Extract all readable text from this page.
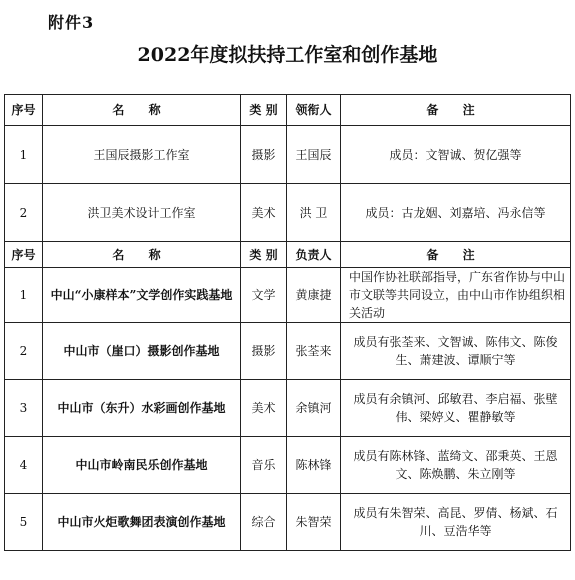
附件3
2022年度拟扶持工作室和创作基地
序号	名 称	类 别	领衔人	备 注
1	王国辰摄影工作室	摄影	王国辰	成员：文智诚、贺亿强等
2	洪卫美术设计工作室	美术	洪 卫	成员：古龙姻、刘嘉培、冯永信等
序号	名 称	类 别	负责人	备 注
1	中山“小康样本”文学创作实践基地	文学	黄康捷	中国作协社联部指导，广东省作协与中山市文联等共同设立，由中山市作协组织相关活动
2	中山市（崖口）摄影创作基地	摄影	张荃来	成员有张荃来、文智诚、陈伟文、陈俊生、萧建波、谭顺宁等
3	中山市（东升）水彩画创作基地	美术	余镇河	成员有余镇河、邱敏君、李启福、张壁伟、梁婷义、瞿静敏等
4	中山市岭南民乐创作基地	音乐	陈林锋	成员有陈林锋、蓝绮文、邵秉英、王恩文、陈焕鹏、朱立刚等
5	中山市火炬歌舞团表演创作基地	综合	朱智荣	成员有朱智荣、高昆、罗倩、杨斌、石川、豆浩华等
